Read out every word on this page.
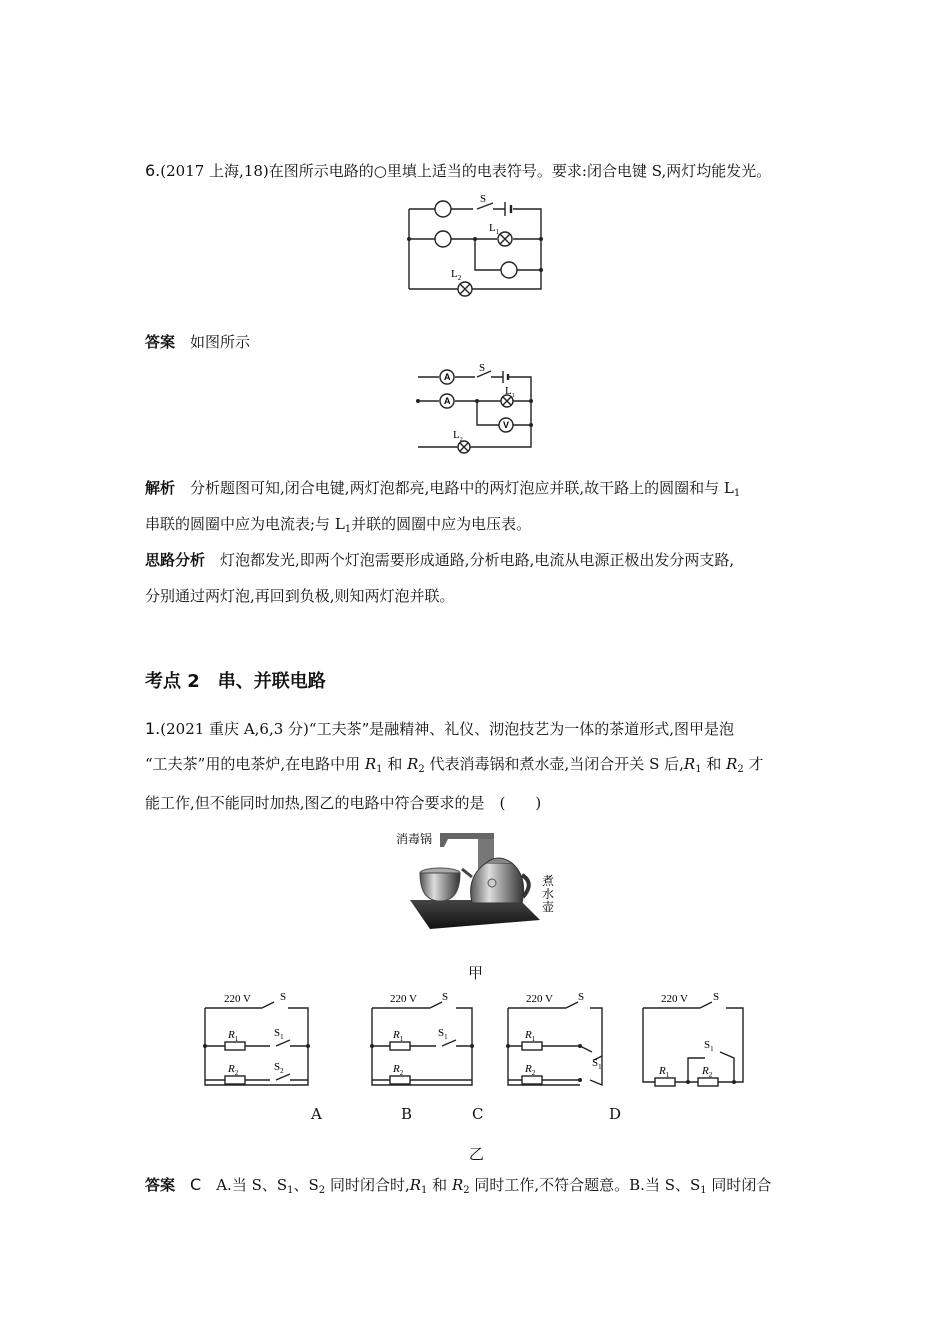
6.(2017 上海,18)在图所示电路的○里填上适当的电表符号。要求:闭合电键 S,两灯均能发光。
S
$L_1$
$L_2$
答案　 如图所示
A
A
V
S
$L_1$
$L_2$
解析　 分析题图可知,闭合电键,两灯泡都亮,电路中的两灯泡应并联,故干路上的圆圈和与 $L_1$
串联的圆圈中应为电流表;与 $L_1$并联的圆圈中应为电压表。
思路分析　 灯泡都发光,即两个灯泡需要形成通路,分析电路,电流从电源正极出发分两支路,
分别通过两灯泡,再回到负极,则知两灯泡并联。
考点 2　串、并联电路
1.(2021 重庆 A,6,3 分)“工夫茶”是融精神、礼仪、沏泡技艺为一体的茶道形式,图甲是泡
“工夫茶”用的电茶炉,在电路中用 $R_1$ 和 $R_2$ 代表消毒锅和煮水壶,当闭合开关 S 后$,R_1$ 和 $R_2$ 才
能工作,但不能同时加热,图乙的电路中符合要求的是　(　　)
消毒锅
煮
水
壶
甲
220 V	S
$R_1$	$S_1$
$R_2$	$S_2$
220 V S
$R_1$	$S_1$
$R_2$
220 V S
$R_1$
$S_1$
$R_2$
220 V S
$S_1$
$R_1$	$R_2$
A	B	C	D
乙
答案　 C　 A.当 S、$S_1$、$S_2$ 同时闭合时$,R_1$ 和 $R_2$ 同时工作,不符合题意。B.当 S、$S_1$ 同时闭合
